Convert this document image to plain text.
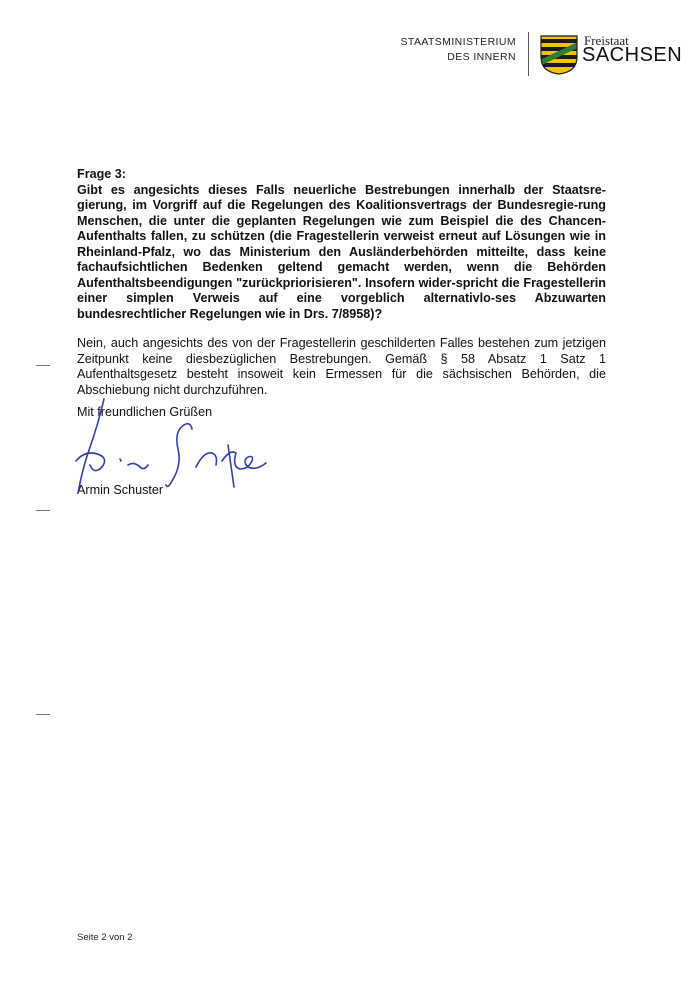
STAATSMINISTERIUM
DES INNERN
Freistaat
SACHSEN
Frage 3:
Gibt es angesichts dieses Falls neuerliche Bestrebungen innerhalb der Staatsre-gierung, im Vorgriff auf die Regelungen des Koalitionsvertrags der Bundesregie-rung Menschen, die unter die geplanten Regelungen wie zum Beispiel die des Chancen-Aufenthalts fallen, zu schützen (die Fragestellerin verweist erneut auf Lösungen wie in Rheinland-Pfalz, wo das Ministerium den Ausländerbehörden mitteilte, dass keine fachaufsichtlichen Bedenken geltend gemacht werden, wenn die Behörden Aufenthaltsbeendigungen "zurückpriorisieren". Insofern wider-spricht die Fragestellerin einer simplen Verweis auf eine vorgeblich alternativlo-ses Abzuwarten bundesrechtlicher Regelungen wie in Drs. 7/8958)?
Nein, auch angesichts des von der Fragestellerin geschilderten Falles bestehen zum jetzigen Zeitpunkt keine diesbezüglichen Bestrebungen. Gemäß § 58 Absatz 1 Satz 1 Aufenthaltsgesetz besteht insoweit kein Ermessen für die sächsischen Behörden, die Abschiebung nicht durchzuführen.
Mit freundlichen Grüßen
Armin Schuster
Seite 2 von 2
